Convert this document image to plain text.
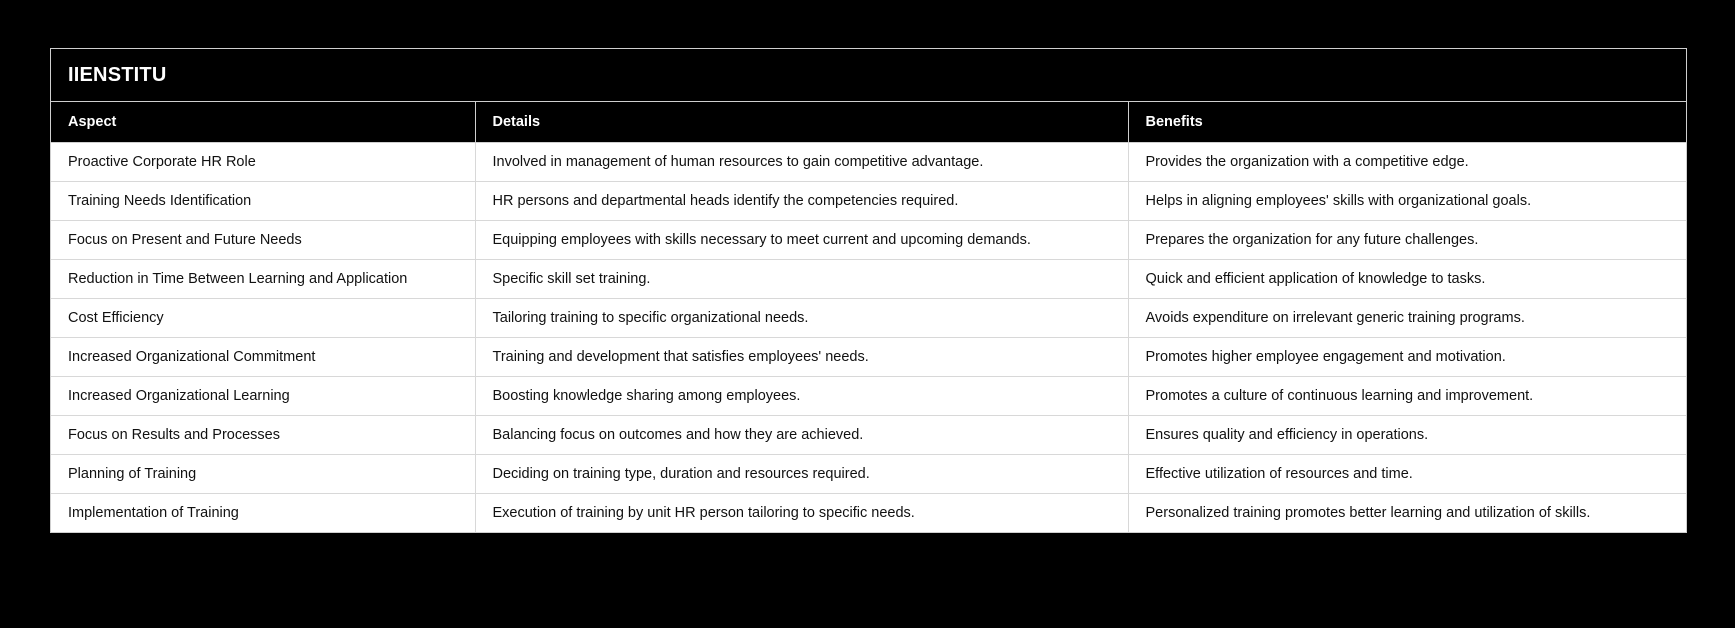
IIENSTITU
Aspect	Details	Benefits
Proactive Corporate HR Role	Involved in management of human resources to gain competitive advantage.	Provides the organization with a competitive edge.
Training Needs Identification	HR persons and departmental heads identify the competencies required.	Helps in aligning employees' skills with organizational goals.
Focus on Present and Future Needs	Equipping employees with skills necessary to meet current and upcoming demands.	Prepares the organization for any future challenges.
Reduction in Time Between Learning and Application	Specific skill set training.	Quick and efficient application of knowledge to tasks.
Cost Efficiency	Tailoring training to specific organizational needs.	Avoids expenditure on irrelevant generic training programs.
Increased Organizational Commitment	Training and development that satisfies employees' needs.	Promotes higher employee engagement and motivation.
Increased Organizational Learning	Boosting knowledge sharing among employees.	Promotes a culture of continuous learning and improvement.
Focus on Results and Processes	Balancing focus on outcomes and how they are achieved.	Ensures quality and efficiency in operations.
Planning of Training	Deciding on training type, duration and resources required.	Effective utilization of resources and time.
Implementation of Training	Execution of training by unit HR person tailoring to specific needs.	Personalized training promotes better learning and utilization of skills.
